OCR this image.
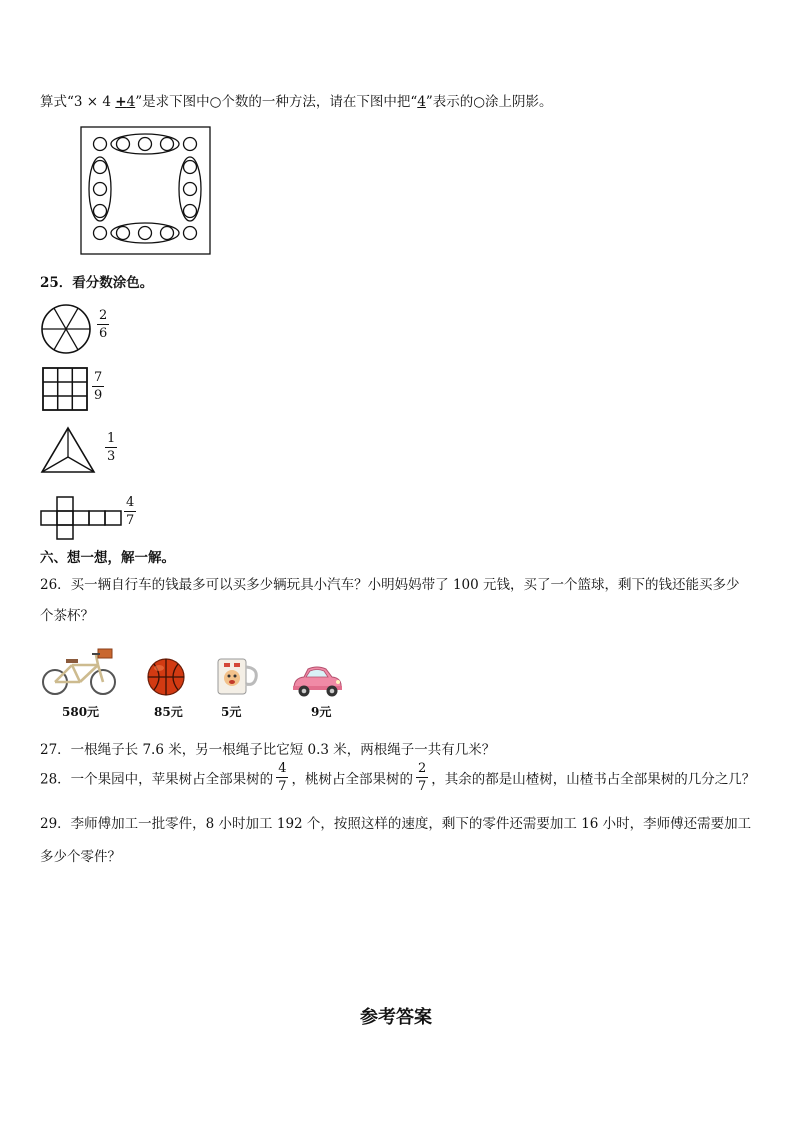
算式“3 × 4 +4”是求下图中○个数的一种方法，请在下图中把“4”表示的○涂上阴影。
25．看分数涂色。
$\frac{2}{6}$
$\frac{7}{9}$
$\frac{1}{3}$
$\frac{4}{7}$
六、想一想，解一解。
26．买一辆自行车的钱最多可以买多少辆玩具小汽车？小明妈妈带了 100 元钱，买了一个篮球，剩下的钱还能买多少
个茶杯？
580元	85元	5元	9元
27．一根绳子长 7.6 米，另一根绳子比它短 0.3 米，两根绳子一共有几米？
28．一个果园中，苹果树占全部果树的 $\frac{4}{7}$ ，桃树占全部果树的 $\frac{2}{7}$ ，其余的都是山楂树，山楂书占全部果树的几分之几？
29．李师傅加工一批零件，8 小时加工 192 个，按照这样的速度，剩下的零件还需要加工 16 小时，李师傅还需要加工
多少个零件？
参考答案
